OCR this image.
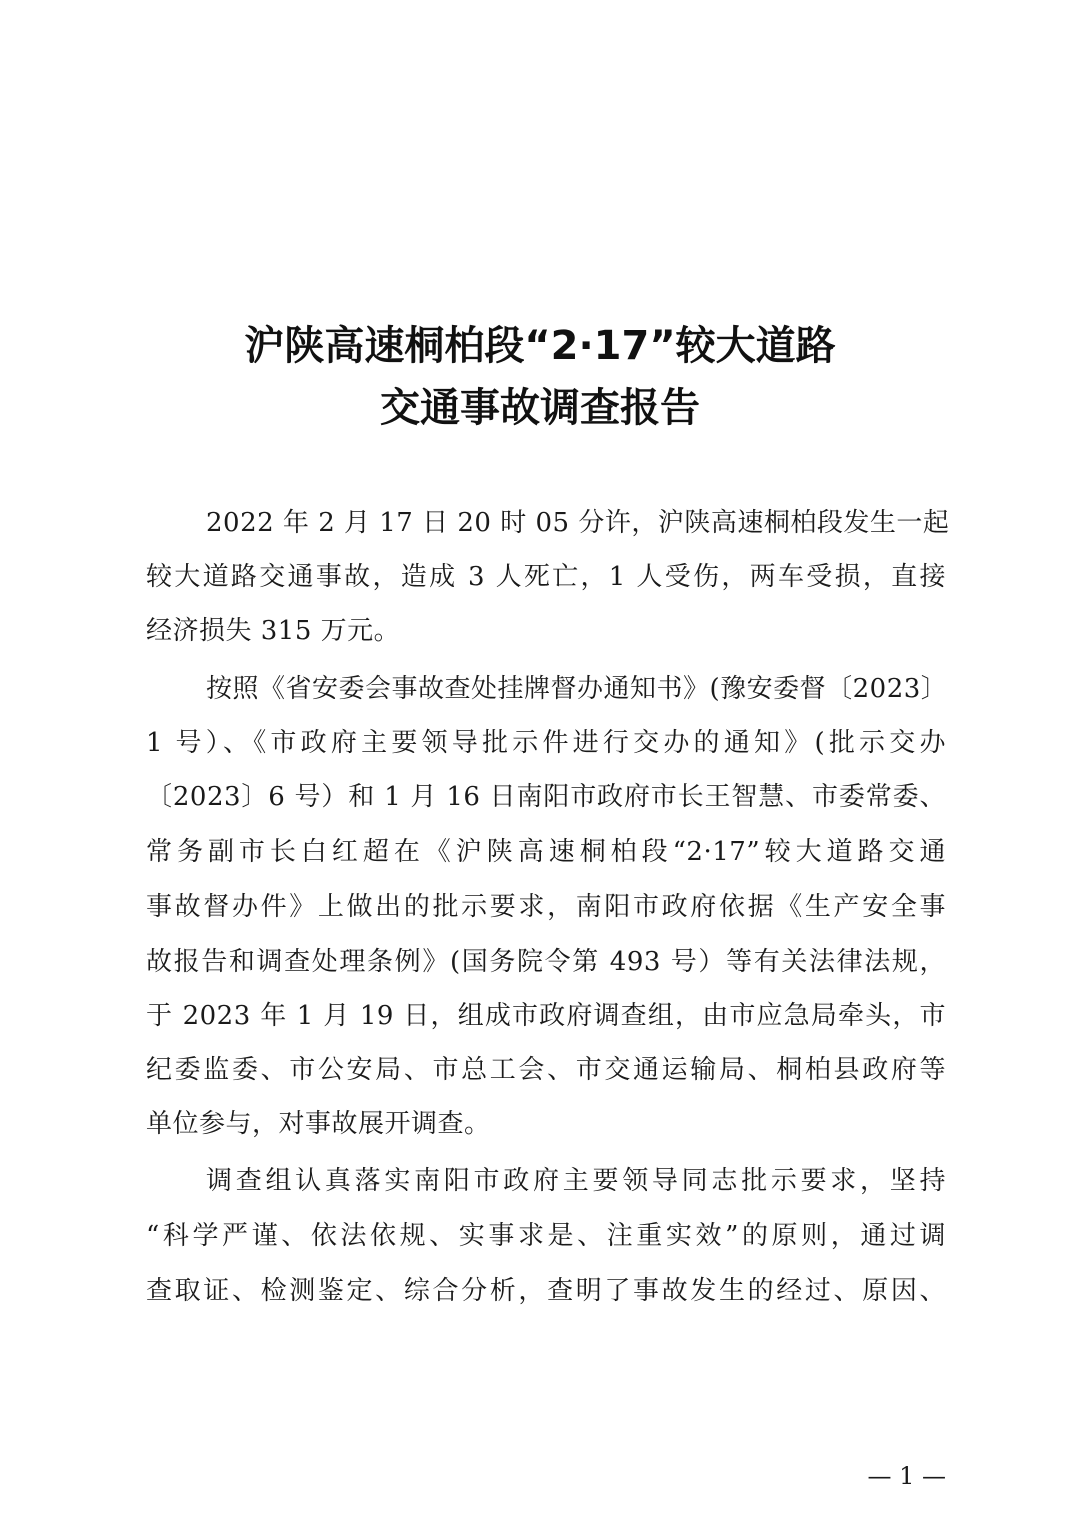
沪陕高速桐柏段“2·17”较大道路
交通事故调查报告
2022 年 2 月 17 日 20 时 05 分许，沪陕高速桐柏段发生一起
较大道路交通事故，造成 3 人死亡，1 人受伤，两车受损，直接
经济损失 315 万元。
按照《省安委会事故查处挂牌督办通知书》(豫安委督〔2023〕
1 号）、《市政府主要领导批示件进行交办的通知》(批示交办
〔2023〕6 号）和 1 月 16 日南阳市政府市长王智慧、市委常委、
常务副市长白红超在《沪陕高速桐柏段“2·17”较大道路交通
事故督办件》上做出的批示要求，南阳市政府依据《生产安全事
故报告和调查处理条例》(国务院令第 493 号）等有关法律法规，
于 2023 年 1 月 19 日，组成市政府调查组，由市应急局牵头，市
纪委监委、市公安局、市总工会、市交通运输局、桐柏县政府等
单位参与，对事故展开调查。
调查组认真落实南阳市政府主要领导同志批示要求，坚持
“科学严谨、依法依规、实事求是、注重实效”的原则，通过调
查取证、检测鉴定、综合分析，查明了事故发生的经过、原因、
— 1 —
